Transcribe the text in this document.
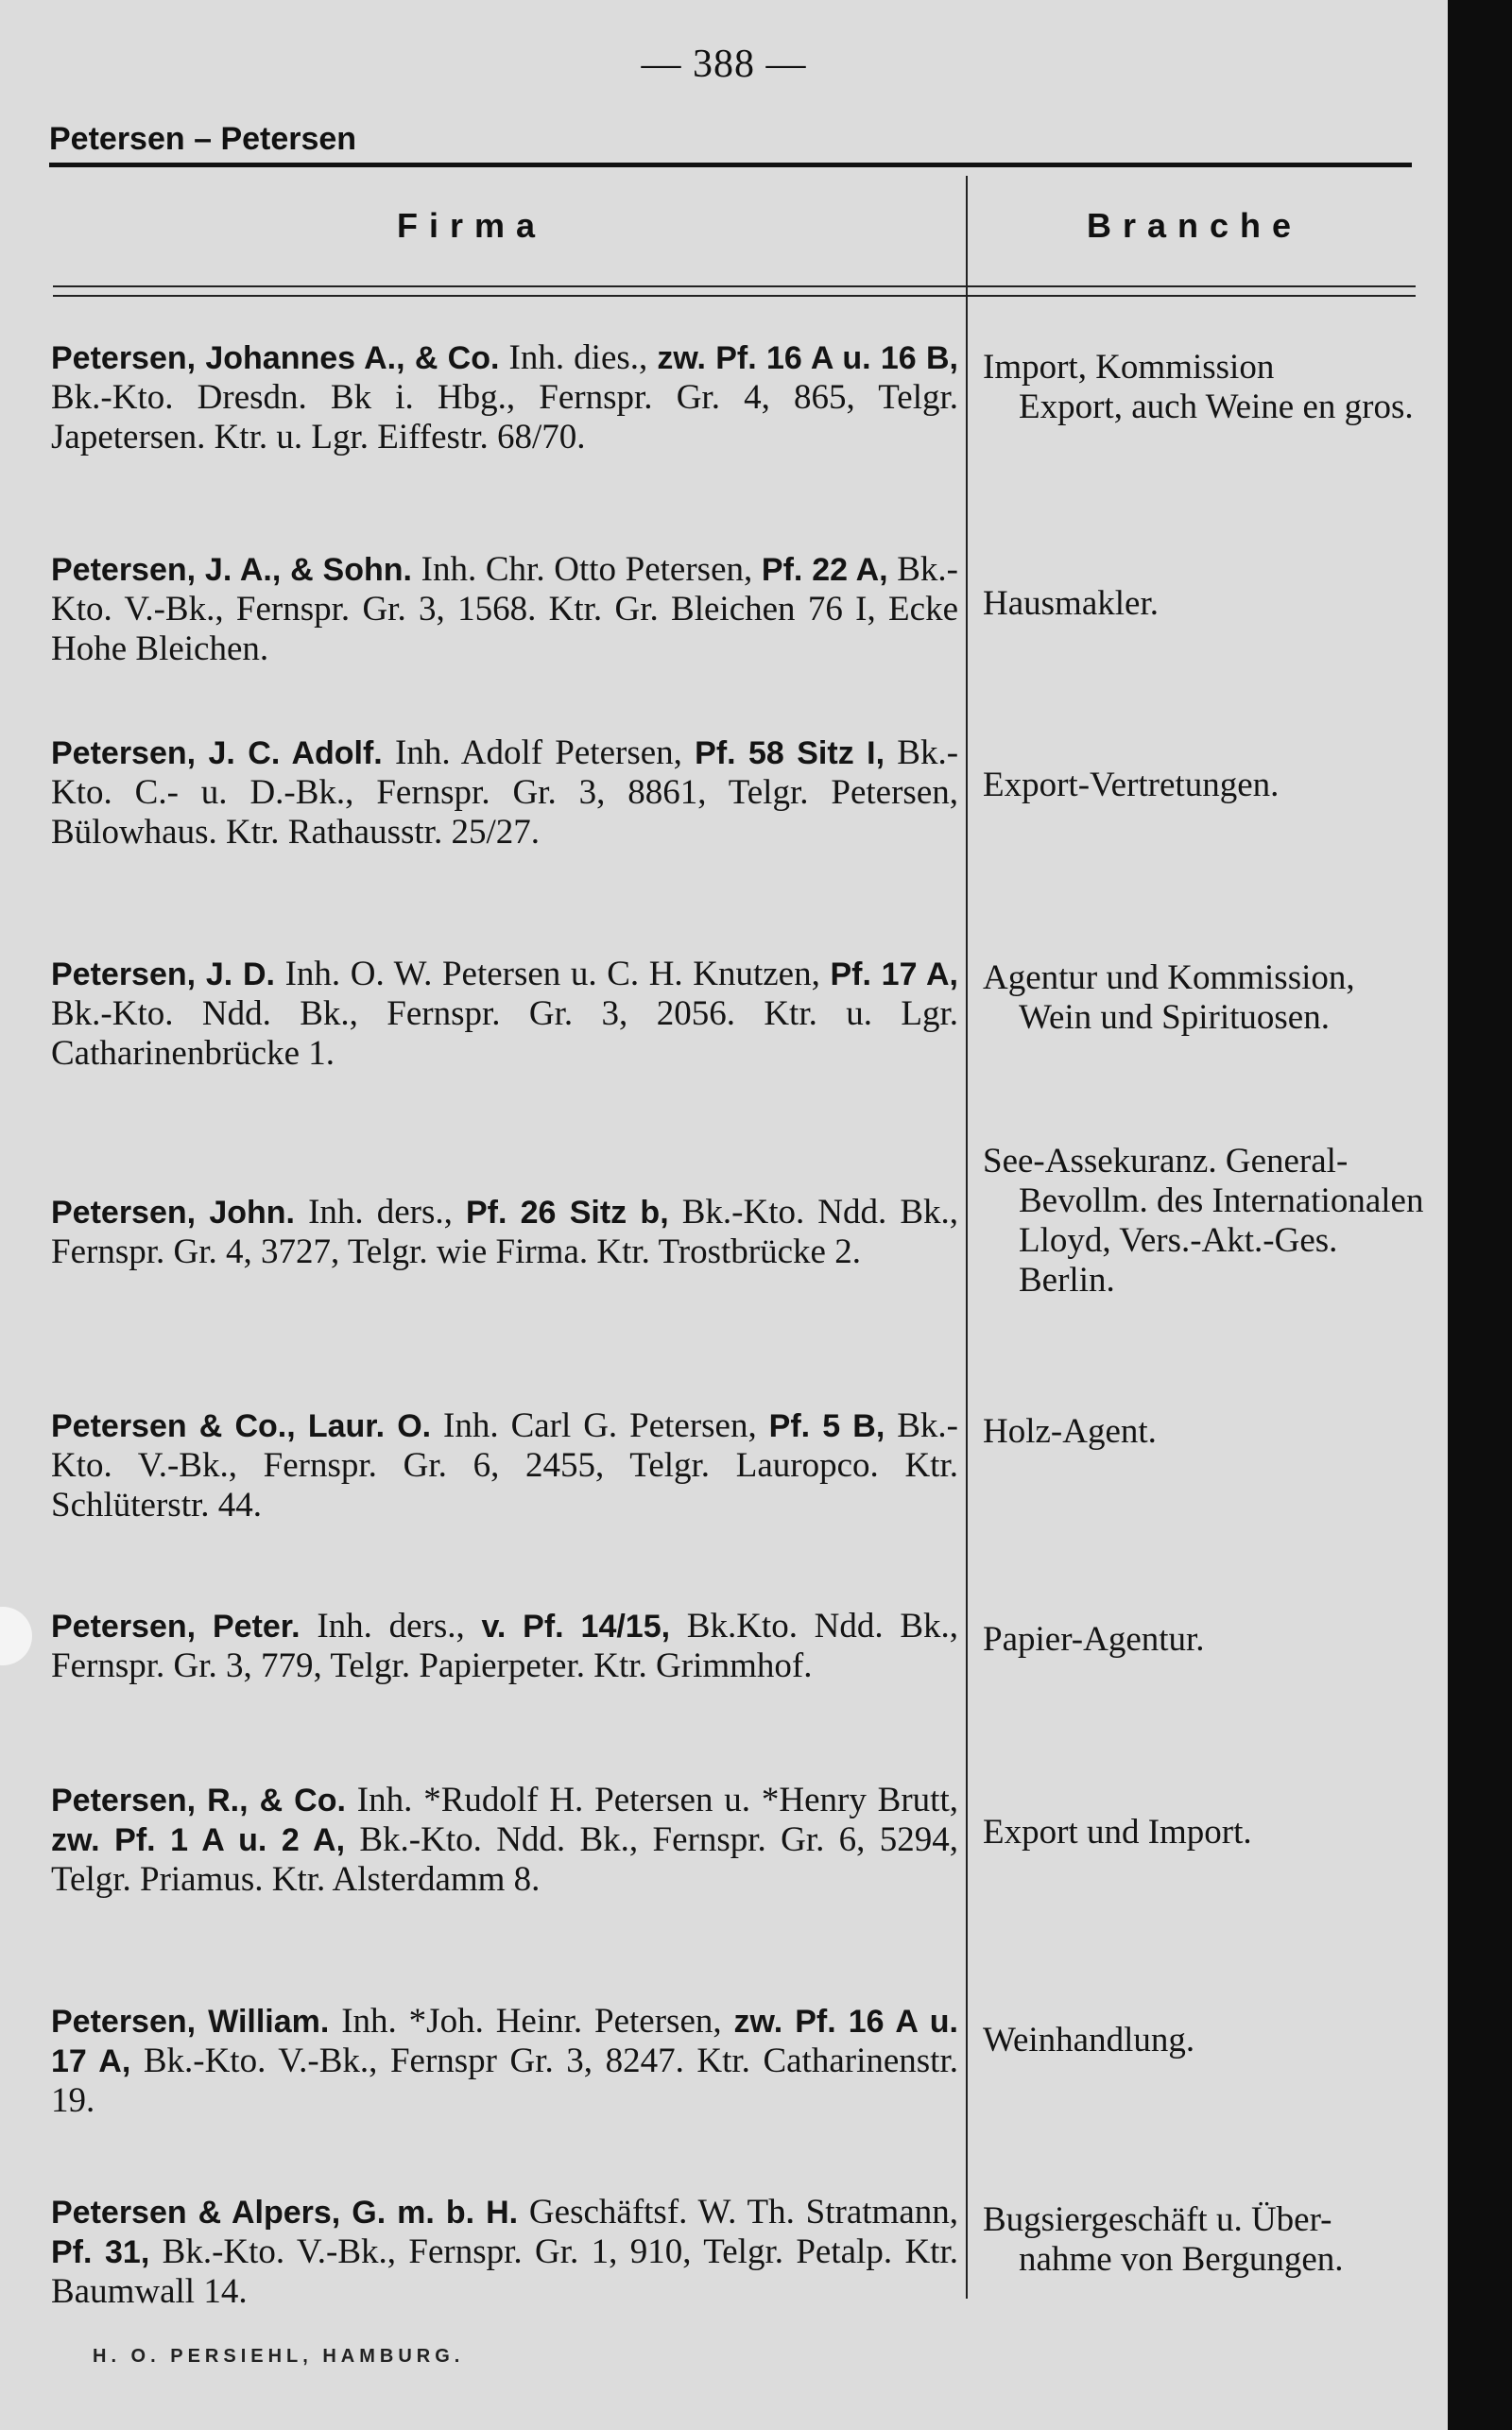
— 388 —
Petersen – Petersen
Firma	Branche
Petersen, Johannes A., & Co. Inh. dies., zw. Pf. 16 A u. 16 B, Bk.-Kto. Dresdn. Bk i. Hbg., Fernspr. Gr. 4, 865, Telgr. Japetersen. Ktr. u. Lgr. Eiffestr. 68/70.
Import, Kommission
Export, auch Weine en gros.
Petersen, J. A., & Sohn. Inh. Chr. Otto Petersen, Pf. 22 A, Bk.-Kto. V.-Bk., Fernspr. Gr. 3, 1568. Ktr. Gr. Bleichen 76 I, Ecke Hohe Bleichen.
Hausmakler.
Petersen, J. C. Adolf. Inh. Adolf Petersen, Pf. 58 Sitz I, Bk.-Kto. C.- u. D.-Bk., Fernspr. Gr. 3, 8861, Telgr. Petersen, Bülowhaus. Ktr. Rathausstr. 25/27.
Export-Vertretungen.
Petersen, J. D. Inh. O. W. Petersen u. C. H. Knutzen, Pf. 17 A, Bk.-Kto. Ndd. Bk., Fernspr. Gr. 3, 2056. Ktr. u. Lgr. Catharinenbrücke 1.
Agentur und Kommission,
Wein und Spirituosen.
Petersen, John. Inh. ders., Pf. 26 Sitz b, Bk.-Kto. Ndd. Bk., Fernspr. Gr. 4, 3727, Telgr. wie Firma. Ktr. Trostbrücke 2.
See-Assekuranz. General-
Bevollm. des Internationalen Lloyd, Vers.-Akt.-Ges. Berlin.
Petersen & Co., Laur. O. Inh. Carl G. Petersen, Pf. 5 B, Bk.-Kto. V.-Bk., Fernspr. Gr. 6, 2455, Telgr. Lauropco. Ktr. Schlüterstr. 44.
Holz-Agent.
Petersen, Peter. Inh. ders., v. Pf. 14/15, Bk.Kto. Ndd. Bk., Fernspr. Gr. 3, 779, Telgr. Papierpeter. Ktr. Grimmhof.
Papier-Agentur.
Petersen, R., & Co. Inh. *Rudolf H. Petersen u. *Henry Brutt, zw. Pf. 1 A u. 2 A, Bk.-Kto. Ndd. Bk., Fernspr. Gr. 6, 5294, Telgr. Priamus. Ktr. Alsterdamm 8.
Export und Import.
Petersen, William. Inh. *Joh. Heinr. Petersen, zw. Pf. 16 A u. 17 A, Bk.-Kto. V.-Bk., Fernspr Gr. 3, 8247. Ktr. Catharinenstr. 19.
Weinhandlung.
Petersen & Alpers, G. m. b. H. Geschäftsf. W. Th. Stratmann, Pf. 31, Bk.-Kto. V.-Bk., Fernspr. Gr. 1, 910, Telgr. Petalp. Ktr. Baumwall 14.
Bugsiergeschäft u. Über-
nahme von Bergungen.
H. O. PERSIEHL, HAMBURG.
